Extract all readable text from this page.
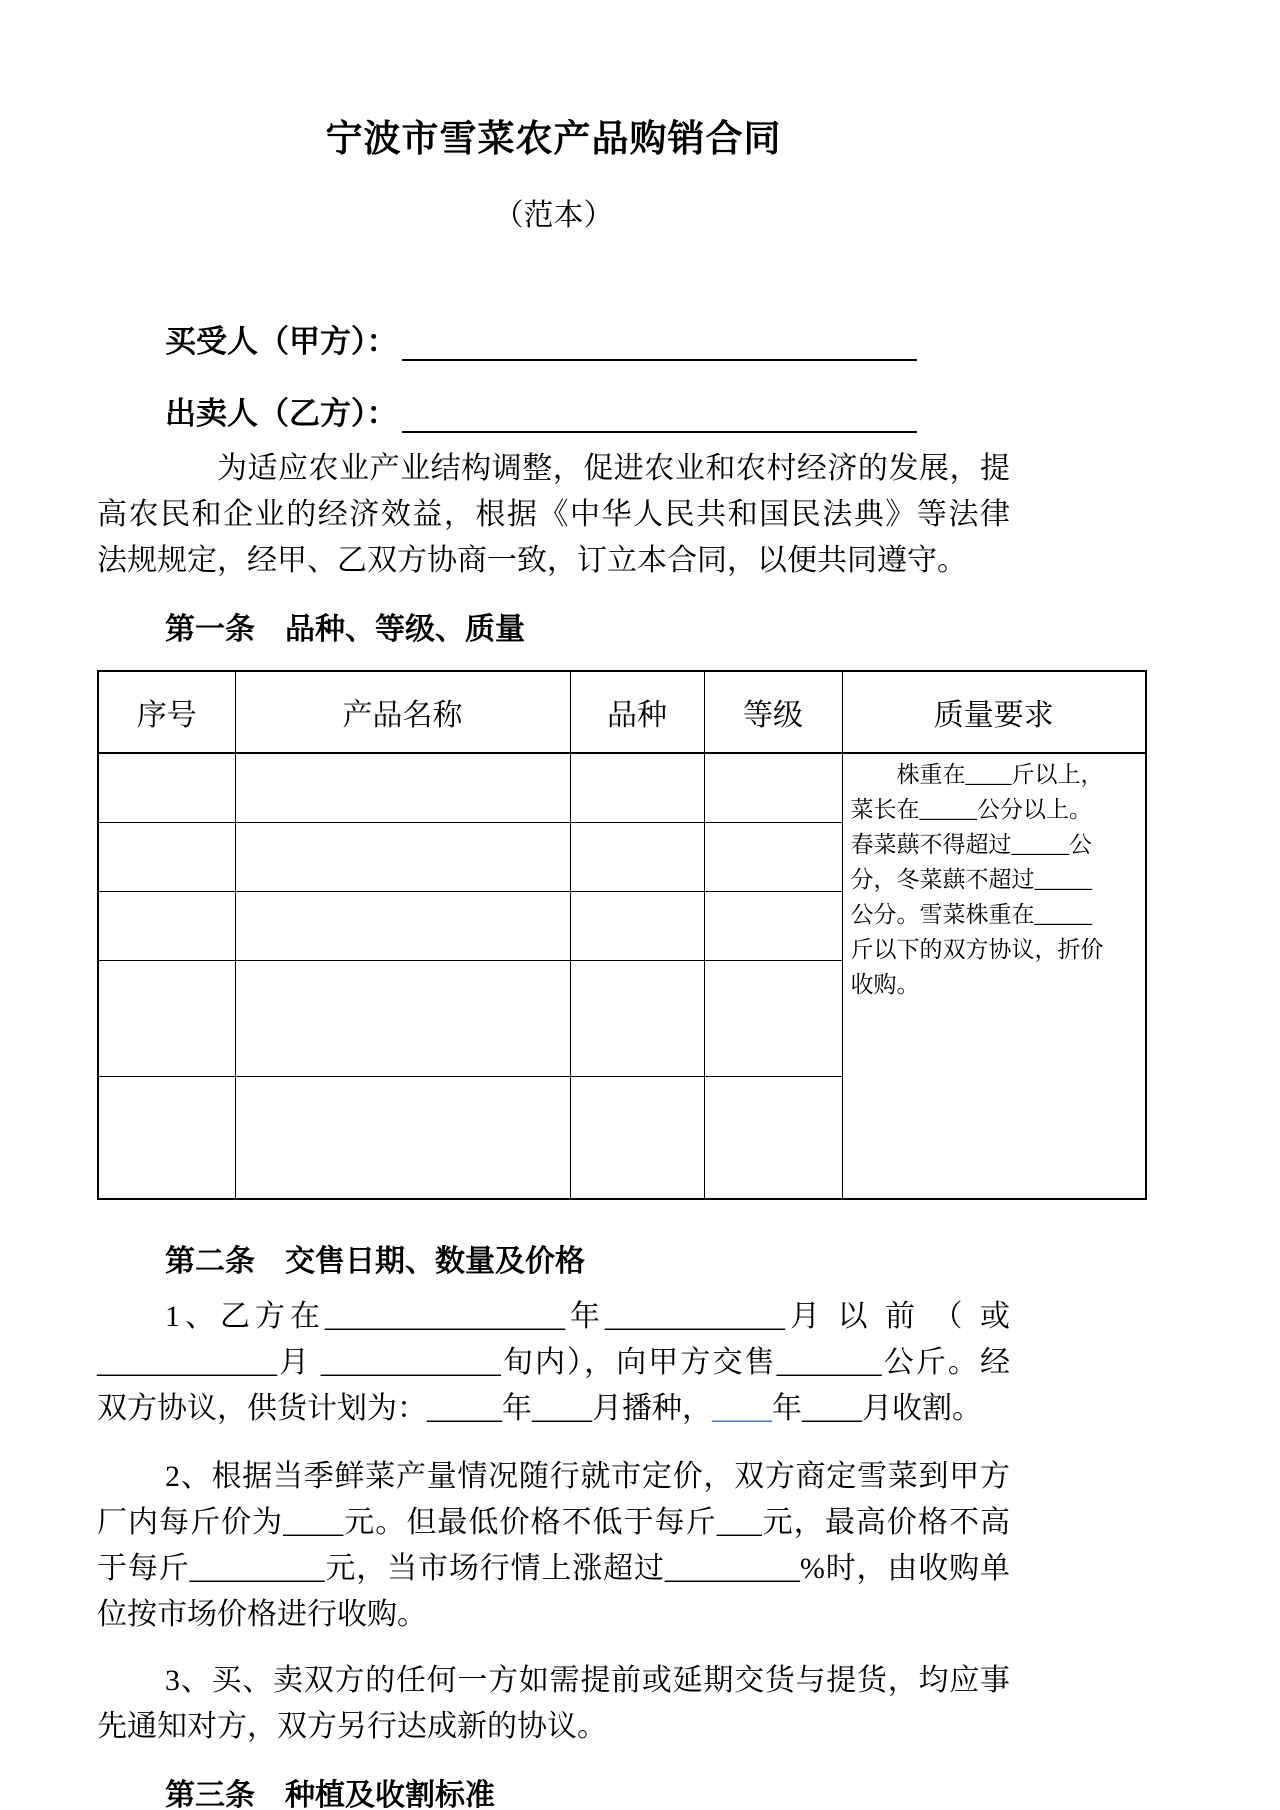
宁波市雪菜农产品购销合同
（范本）
买受人（甲方）：
出卖人（乙方）：
为适应农业产业结构调整，促进农业和农村经济的发展，提
高农民和企业的经济效益，根据《中华人民共和国民法典》等法律
法规规定，经甲、乙双方协商一致，订立本合同，以便共同遵守。
第一条　品种、等级、质量
序号	产品名称	品种	等级	质量要求

株重在____斤以上，
菜长在_____公分以上。
春菜蕻不得超过_____公
分，冬菜蕻不超过_____
公分。雪菜株重在_____
斤以下的双方协议，折价
收购。

第二条　交售日期、数量及价格
1、乙方在________________年____________月 以 前 （ 或
____________月 ____________旬内），向甲方交售_______公斤。经
双方协议，供货计划为：_____年____月播种，____年____月收割。
2、根据当季鲜菜产量情况随行就市定价，双方商定雪菜到甲方
厂内每斤价为____元。但最低价格不低于每斤___元，最高价格不高
于每斤_________元，当市场行情上涨超过_________%时，由收购单
位按市场价格进行收购。
3、买、卖双方的任何一方如需提前或延期交货与提货，均应事
先通知对方，双方另行达成新的协议。
第三条　种植及收割标准
